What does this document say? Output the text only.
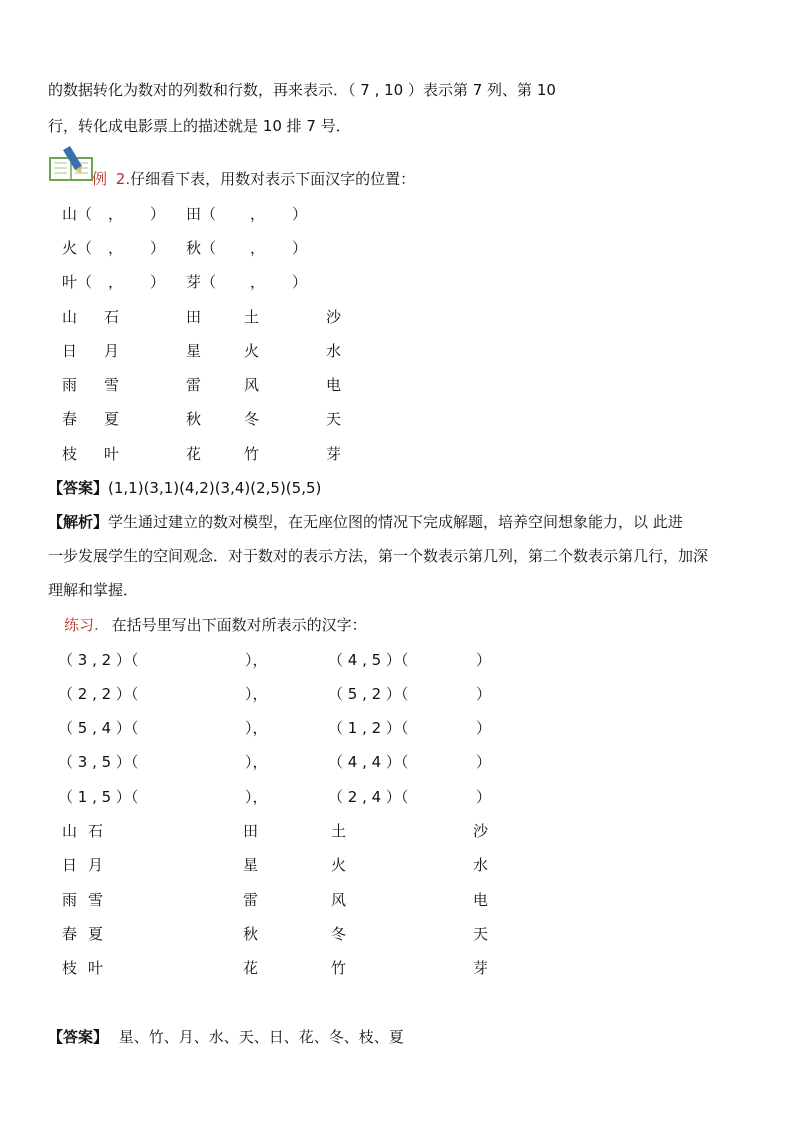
的数据转化为数对的列数和行数，再来表示．（ 7 , 10 ）表示第 7 列、第 10
行，转化成电影票上的描述就是 10 排 7 号．
例 2.仔细看下表，用数对表示下面汉字的位置：
山（ ， ） 田（ ， ）
火（ ， ） 秋（ ， ）
叶（ ， ） 芽（ ， ）
山 石	田	土	沙
日 月	星	火	水
雨 雪	雷	风	电
春 夏	秋	冬	天
枝 叶	花	竹	芽
【答案】(1,1)(3,1)(4,2)(3,4)(2,5)(5,5)
【解析】学生通过建立的数对模型，在无座位图的情况下完成解题，培养空间想象能力，以 此进
一步发展学生的空间观念．对于数对的表示方法，第一个数表示第几列，第二个数表示第几行，加深
理解和掌握．
练习. 在括号里写出下面数对所表示的汉字：
（ 3 , 2 ）（	），	（ 4 , 5 ）（	）
（ 2 , 2 ）（	），	（ 5 , 2 ）（	）
（ 5 , 4 ）（	），	（ 1 , 2 ）（	）
（ 3 , 5 ）（	），	（ 4 , 4 ）（	）
（ 1 , 5 ）（	），	（ 2 , 4 ）（	）
山 石	田	土	沙
日 月	星	火	水
雨 雪	雷	风	电
春 夏	秋	冬	天
枝 叶	花	竹	芽
【答案】 星、竹、月、水、天、日、花、冬、枝、夏
